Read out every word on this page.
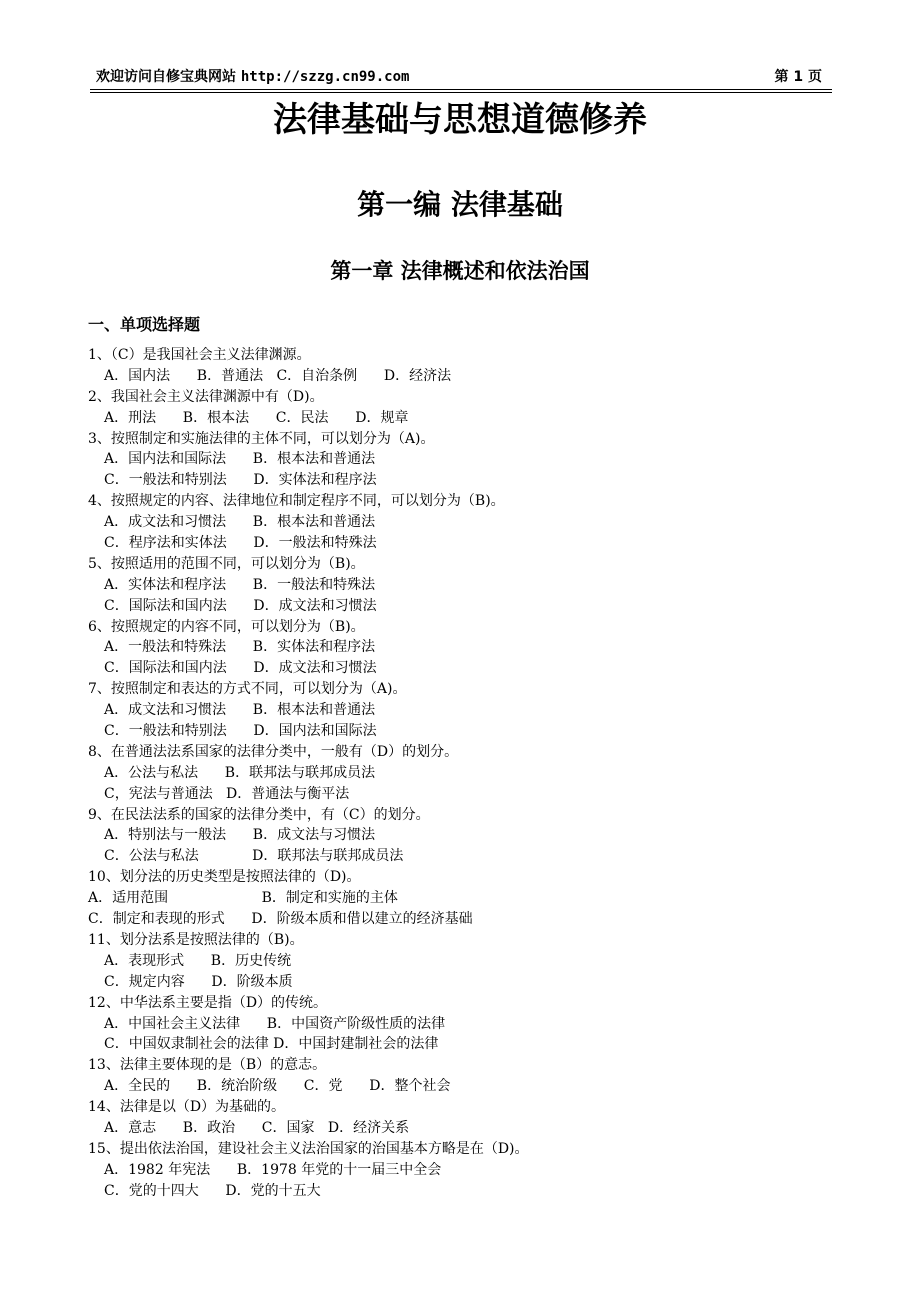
欢迎访问自修宝典网站 http://szzg.cn99.com	第 1 页
法律基础与思想道德修养
第一编 法律基础
第一章 法律概述和依法治国
一、单项选择题
1、（C）是我国社会主义法律渊源。
A．国内法      B．普通法   C．自治条例      D．经济法
2、我国社会主义法律渊源中有（D)。
A．刑法      B．根本法      C．民法      D．规章
3、按照制定和实施法律的主体不同，可以划分为（A)。
A．国内法和国际法      B．根本法和普通法
C．一般法和特别法      D．实体法和程序法
4、按照规定的内容、法律地位和制定程序不同，可以划分为（B)。
A．成文法和习惯法      B．根本法和普通法
C．程序法和实体法      D．一般法和特殊法
5、按照适用的范围不同，可以划分为（B)。
A．实体法和程序法      B．一般法和特殊法
C．国际法和国内法      D．成文法和习惯法
6、按照规定的内容不同，可以划分为（B)。
A．一般法和特殊法      B．实体法和程序法
C．国际法和国内法      D．成文法和习惯法
7、按照制定和表达的方式不同，可以划分为（A)。
A．成文法和习惯法      B．根本法和普通法
C．一般法和特别法      D．国内法和国际法
8、在普通法法系国家的法律分类中，一般有（D）的划分。
A．公法与私法      B．联邦法与联邦成员法
C，宪法与普通法   D．普通法与衡平法
9、在民法法系的国家的法律分类中，有（C）的划分。
A．特别法与一般法      B．成文法与习惯法
C．公法与私法            D．联邦法与联邦成员法
10、划分法的历史类型是按照法律的（D)。
A．适用范围                     B．制定和实施的主体
C．制定和表现的形式      D．阶级本质和借以建立的经济基础
11、划分法系是按照法律的（B)。
A．表现形式      B．历史传统
C．规定内容      D．阶级本质
12、中华法系主要是指（D）的传统。
A．中国社会主义法律      B．中国资产阶级性质的法律
C．中国奴隶制社会的法律 D．中国封建制社会的法律
13、法律主要体现的是（B）的意志。
A．全民的      B．统治阶级      C．党      D．整个社会
14、法律是以（D）为基础的。
A．意志      B．政治      C．国家   D．经济关系
15、提出依法治国，建设社会主义法治国家的治国基本方略是在（D)。
A．1982 年宪法      B．1978 年党的十一届三中全会
C．党的十四大      D．党的十五大
